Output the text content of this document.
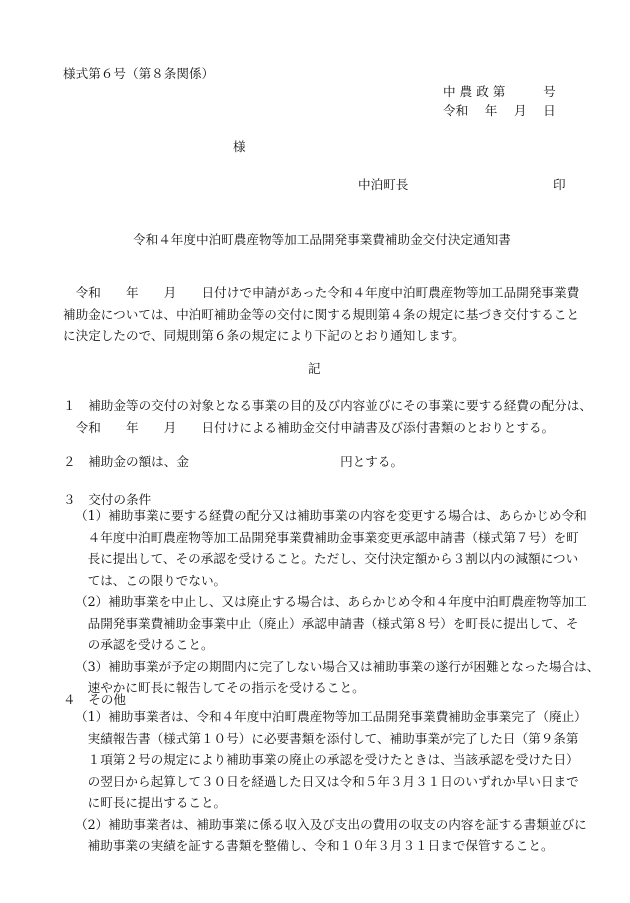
様式第６号（第８条関係）
中 農 政 第　　　号
令和　 年 　月　 日
様
中泊町長	印
令和４年度中泊町農産物等加工品開発事業費補助金交付決定通知書
　令和　　年　　月　　日付けで申請があった令和４年度中泊町農産物等加工品開発事業費
補助金については、中泊町補助金等の交付に関する規則第４条の規定に基づき交付すること
に決定したので、同規則第６条の規定により下記のとおり通知します。
記
１　補助金等の交付の対象となる事業の目的及び内容並びにその事業に要する経費の配分は、
　令和　　年　　月　　日付けによる補助金交付申請書及び添付書類のとおりとする。
２　補助金の額は、金　　　　　　　　　　　　円とする。
３　交付の条件
（1）補助事業に要する経費の配分又は補助事業の内容を変更する場合は、あらかじめ令和
　４年度中泊町農産物等加工品開発事業費補助金事業変更承認申請書（様式第７号）を町
　長に提出して、その承認を受けること。ただし、交付決定額から３割以内の減額につい
　ては、この限りでない。
（2）補助事業を中止し、又は廃止する場合は、あらかじめ令和４年度中泊町農産物等加工
　品開発事業費補助金事業中止（廃止）承認申請書（様式第８号）を町長に提出して、そ
　の承認を受けること。
（3）補助事業が予定の期間内に完了しない場合又は補助事業の遂行が困難となった場合は、
　速やかに町長に報告してその指示を受けること。
４　その他
（1）補助事業者は、令和４年度中泊町農産物等加工品開発事業費補助金事業完了（廃止）
　実績報告書（様式第１０号）に必要書類を添付して、補助事業が完了した日（第９条第
　１項第２号の規定により補助事業の廃止の承認を受けたときは、当該承認を受けた日）
　の翌日から起算して３０日を経過した日又は令和５年３月３１日のいずれか早い日まで
　に町長に提出すること。
（2）補助事業者は、補助事業に係る収入及び支出の費用の収支の内容を証する書類並びに
　補助事業の実績を証する書類を整備し、令和１０年３月３１日まで保管すること。
